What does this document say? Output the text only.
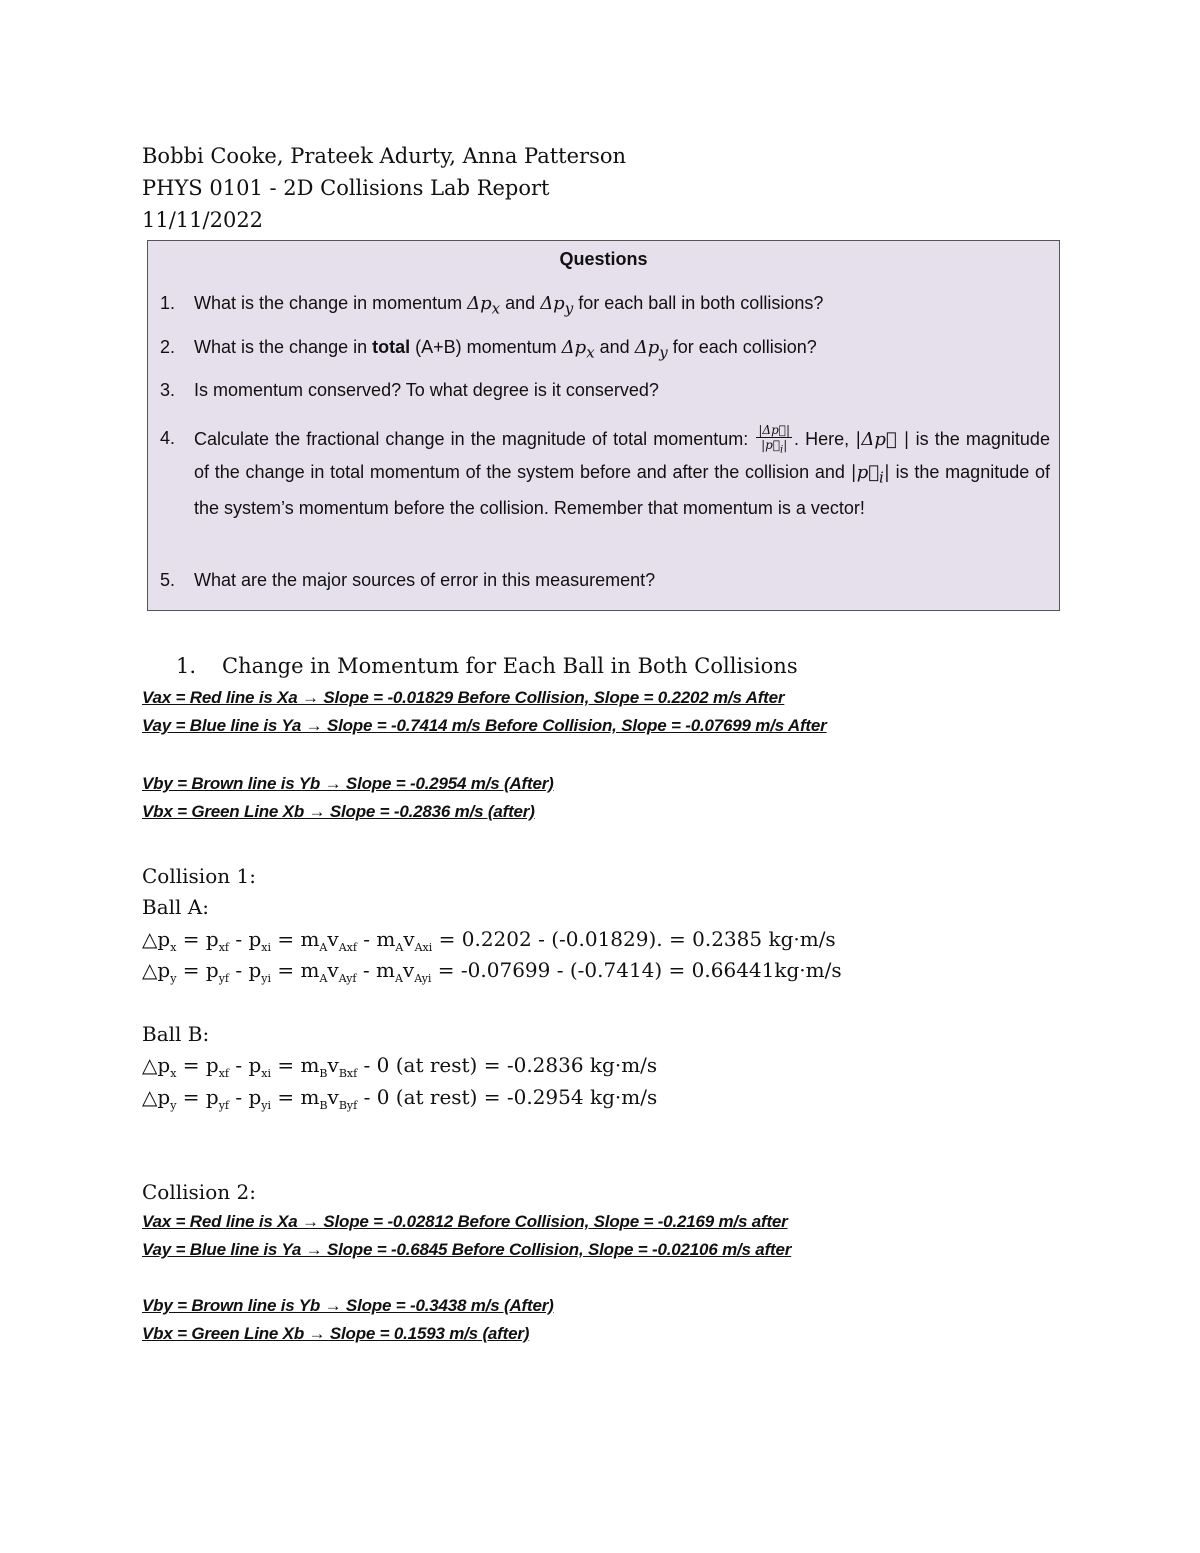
Bobbi Cooke, Prateek Adurty, Anna Patterson
PHYS 0101 - 2D Collisions Lab Report
11/11/2022
Questions
1. What is the change in momentum $\Delta p_x$ and $\Delta p_y$ for each ball in both collisions?
2. What is the change in total (A+B) momentum $\Delta p_x$ and $\Delta p_y$ for each collision?
3. Is momentum conserved? To what degree is it conserved?
4. Calculate the fractional change in the magnitude of total momentum: $\frac{|\Delta p⃗|}{|p⃗_i|}$ . Here, |Δp⃗ | is the magnitude of the change in total momentum of the system before and after the collision and $|p⃗_i|$ is the magnitude of the system’s momentum before the collision. Remember that momentum is a vector!
5. What are the major sources of error in this measurement?
1. Change in Momentum for Each Ball in Both Collisions
Vax = Red line is Xa → Slope = -0.01829 Before Collision, Slope = 0.2202 m/s After
Vay = Blue line is Ya → Slope = -0.7414 m/s Before Collision, Slope = -0.07699 m/s After
Vby = Brown line is Yb → Slope = -0.2954 m/s (After)
Vbx = Green Line Xb → Slope = -0.2836 m/s (after)
Collision 1:
Ball A:
$\triangle p_x = p_{xf} - p_{xi} = m_Av_{Axf} - m_Av_{Axi} = 0.2202 - (-0.01829)$. = 0.2385 kg·m/s
$\triangle p_y = p_{yf} - p_{yi} = m_Av_{Ayf} - m_Av_{Ayi} = -0.07699 - (-0.7414) = 0.66441kg\cdot m/s$
Ball B:
$\triangle p_x = p_{xf} - p_{xi} = m_Bv_{Bxf} - 0$ (at rest) = -0.2836 kg·m/s
$\triangle p_y = p_{yf} - p_{yi} = m_Bv_{Byf} - 0$ (at rest) = -0.2954 kg·m/s
Collision 2:
Vax = Red line is Xa → Slope = -0.02812 Before Collision, Slope = -0.2169 m/s after
Vay = Blue line is Ya → Slope = -0.6845 Before Collision, Slope = -0.02106 m/s after
Vby = Brown line is Yb → Slope = -0.3438 m/s (After)
Vbx = Green Line Xb → Slope = 0.1593 m/s (after)
